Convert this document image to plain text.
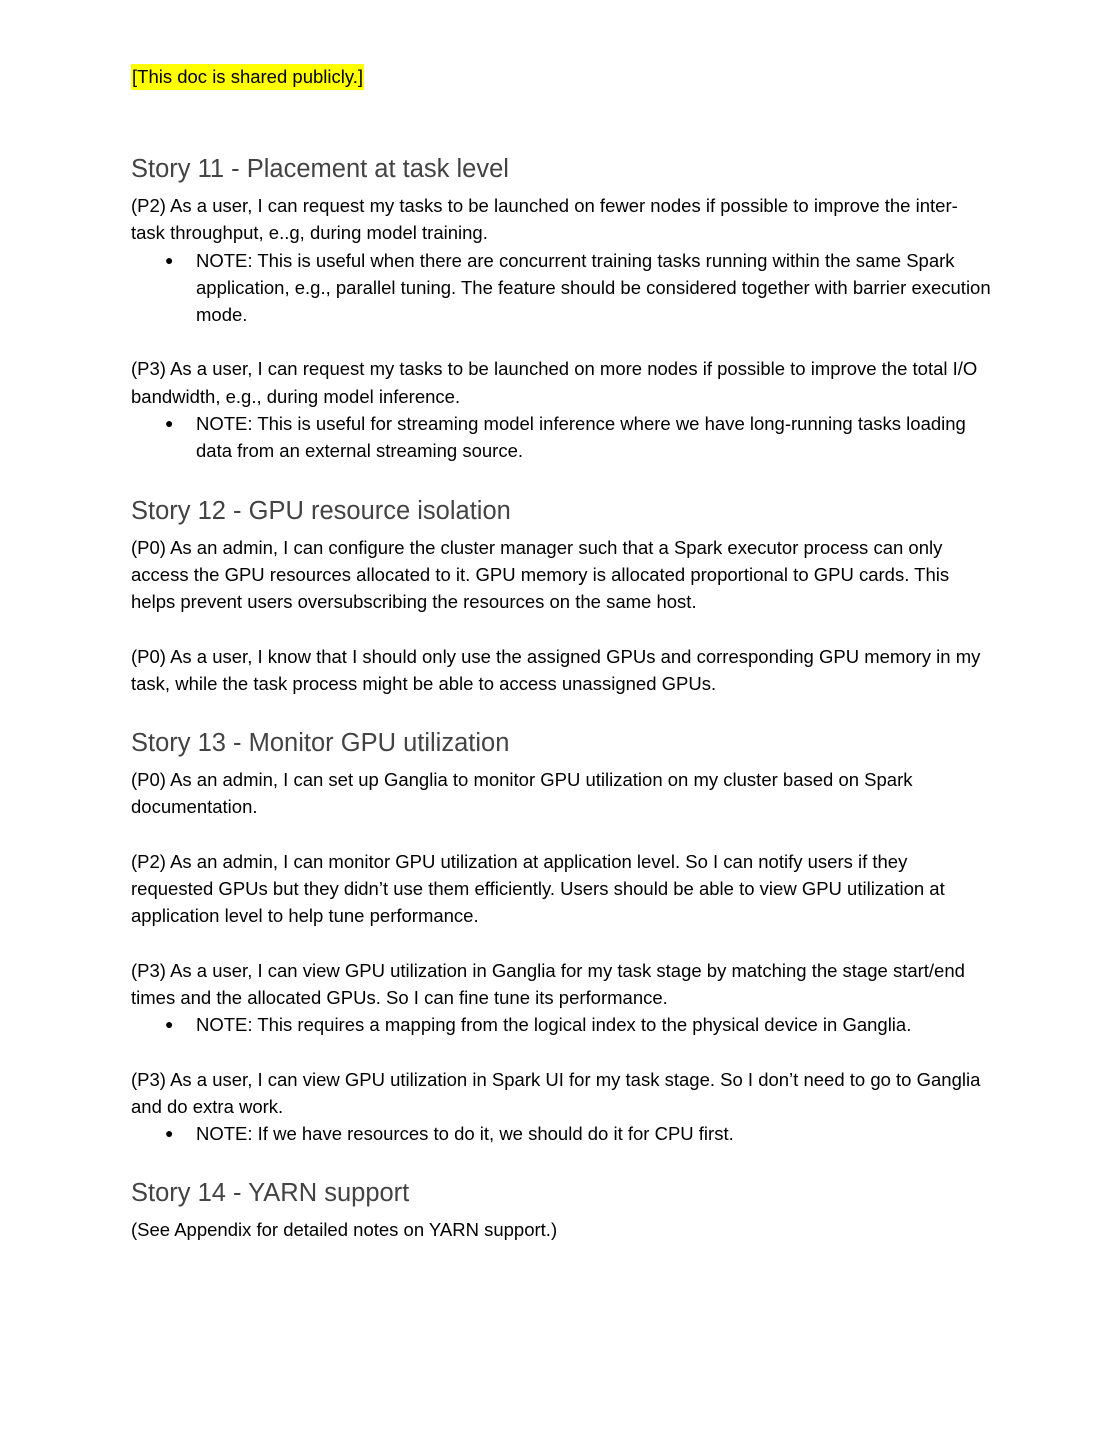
[This doc is shared publicly.]
Story 11 - Placement at task level

(P2) As a user, I can request my tasks to be launched on fewer nodes if possible to improve the inter-task throughput, e..g, during model training.

● NOTE: This is useful when there are concurrent training tasks running within the same Spark application, e.g., parallel tuning. The feature should be considered together with barrier execution mode.

(P3) As a user, I can request my tasks to be launched on more nodes if possible to improve the total I/O bandwidth, e.g., during model inference.

● NOTE: This is useful for streaming model inference where we have long-running tasks loading data from an external streaming source.
Story 12 - GPU resource isolation

(P0) As an admin, I can configure the cluster manager such that a Spark executor process can only access the GPU resources allocated to it. GPU memory is allocated proportional to GPU cards. This helps prevent users oversubscribing the resources on the same host.

(P0) As a user, I know that I should only use the assigned GPUs and corresponding GPU memory in my task, while the task process might be able to access unassigned GPUs.

Story 13 - Monitor GPU utilization

(P0) As an admin, I can set up Ganglia to monitor GPU utilization on my cluster based on Spark documentation.

(P2) As an admin, I can monitor GPU utilization at application level. So I can notify users if they requested GPUs but they didn’t use them efficiently. Users should be able to view GPU utilization at application level to help tune performance.

(P3) As a user, I can view GPU utilization in Ganglia for my task stage by matching the stage start/end times and the allocated GPUs. So I can fine tune its performance.

● NOTE: This requires a mapping from the logical index to the physical device in Ganglia.

(P3) As a user, I can view GPU utilization in Spark UI for my task stage. So I don’t need to go to Ganglia and do extra work.

● NOTE: If we have resources to do it, we should do it for CPU first.
Story 14 - YARN support

(See Appendix for detailed notes on YARN support.)
